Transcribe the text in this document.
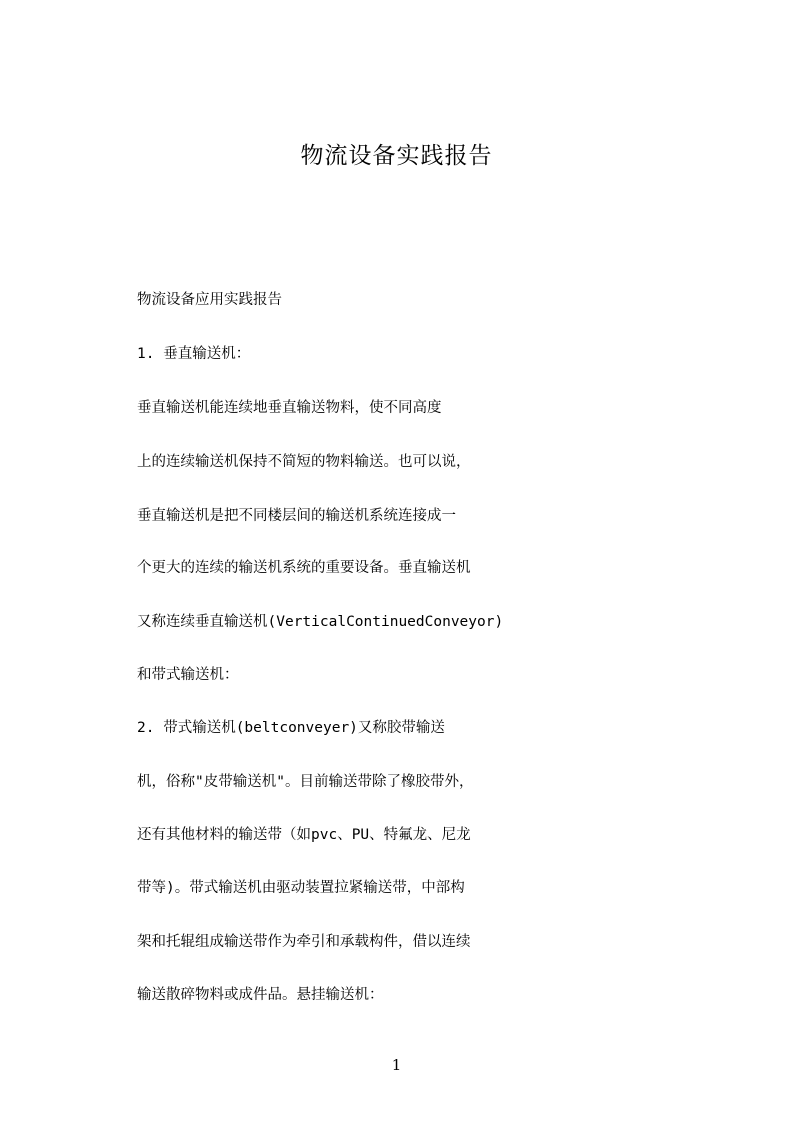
物流设备实践报告
物流设备应用实践报告
1. 垂直输送机：
垂直输送机能连续地垂直输送物料，使不同高度
上的连续输送机保持不简短的物料输送。也可以说，
垂直输送机是把不同楼层间的输送机系统连接成一
个更大的连续的输送机系统的重要设备。垂直输送机
又称连续垂直输送机(VerticalContinuedConveyor)
和带式输送机：
2. 带式输送机(beltconveyer)又称胶带输送
机，俗称"皮带输送机"。目前输送带除了橡胶带外，
还有其他材料的输送带（如pvc、PU、特氟龙、尼龙
带等)。带式输送机由驱动装置拉紧输送带，中部构
架和托辊组成输送带作为牵引和承载构件，借以连续
输送散碎物料或成件品。悬挂输送机：
1
